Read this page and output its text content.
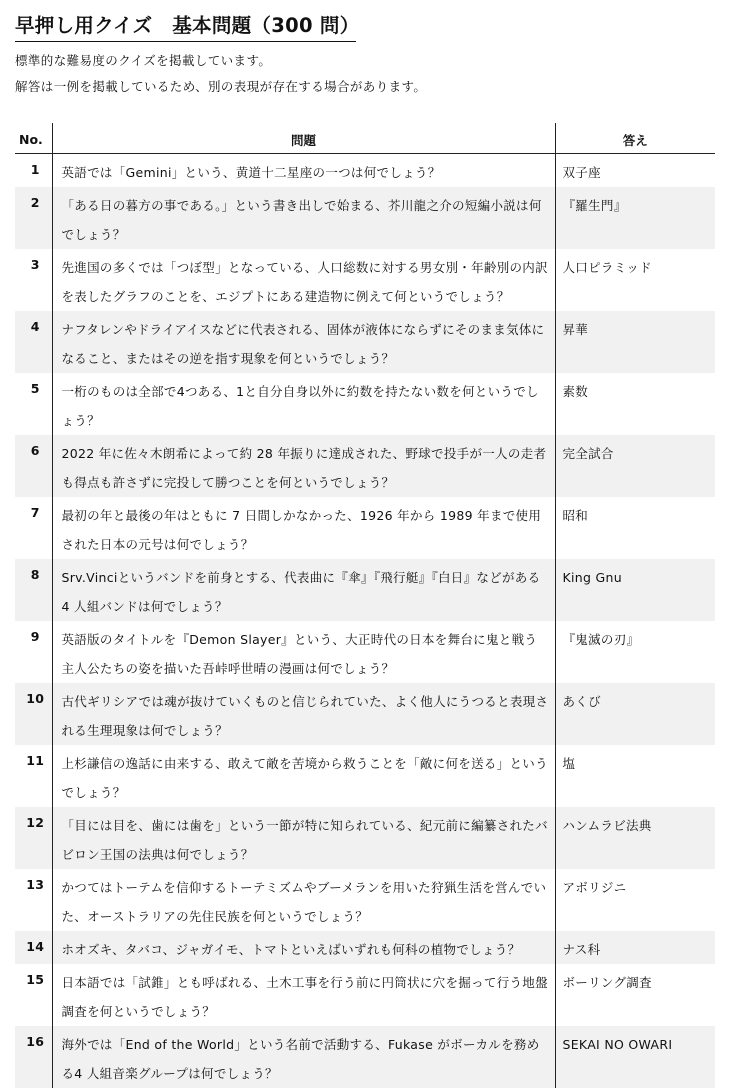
早押し用クイズ　基本問題（300 問）
標準的な難易度のクイズを掲載しています。
解答は一例を掲載しているため、別の表現が存在する場合があります。
No.	問題	答え
1	英語では「Gemini」という、黄道十二星座の一つは何でしょう？	双子座
2	「ある日の暮方の事である。」という書き出しで始まる、芥川龍之介の短編小説は何でしょう？	『羅生門』
3	先進国の多くでは「つぼ型」となっている、人口総数に対する男女別・年齢別の内訳を表したグラフのことを、エジプトにある建造物に例えて何というでしょう？	人口ピラミッド
4	ナフタレンやドライアイスなどに代表される、固体が液体にならずにそのまま気体になること、またはその逆を指す現象を何というでしょう？	昇華
5	一桁のものは全部で4つある、1と自分自身以外に約数を持たない数を何というでしょう？	素数
6	2022 年に佐々木朗希によって約 28 年振りに達成された、野球で投手が一人の走者も得点も許さずに完投して勝つことを何というでしょう？	完全試合
7	最初の年と最後の年はともに 7 日間しかなかった、1926 年から 1989 年まで使用された日本の元号は何でしょう？	昭和
8	Srv.Vinciというバンドを前身とする、代表曲に『傘』『飛行艇』『白日』などがある4 人組バンドは何でしょう？	King Gnu
9	英語版のタイトルを『Demon Slayer』という、大正時代の日本を舞台に鬼と戦う主人公たちの姿を描いた吾峠呼世晴の漫画は何でしょう？	『鬼滅の刃』
10	古代ギリシアでは魂が抜けていくものと信じられていた、よく他人にうつると表現される生理現象は何でしょう？	あくび
11	上杉謙信の逸話に由来する、敢えて敵を苦境から救うことを「敵に何を送る」というでしょう？	塩
12	「目には目を、歯には歯を」という一節が特に知られている、紀元前に編纂されたバビロン王国の法典は何でしょう？	ハンムラビ法典
13	かつてはトーテムを信仰するトーテミズムやブーメランを用いた狩猟生活を営んでいた、オーストラリアの先住民族を何というでしょう？	アボリジニ
14	ホオズキ、タバコ、ジャガイモ、トマトといえばいずれも何科の植物でしょう？	ナス科
15	日本語では「試錐」とも呼ばれる、土木工事を行う前に円筒状に穴を掘って行う地盤調査を何というでしょう？	ボーリング調査
16	海外では「End of the World」という名前で活動する、Fukase がボーカルを務める4 人組音楽グループは何でしょう？	SEKAI NO OWARI
